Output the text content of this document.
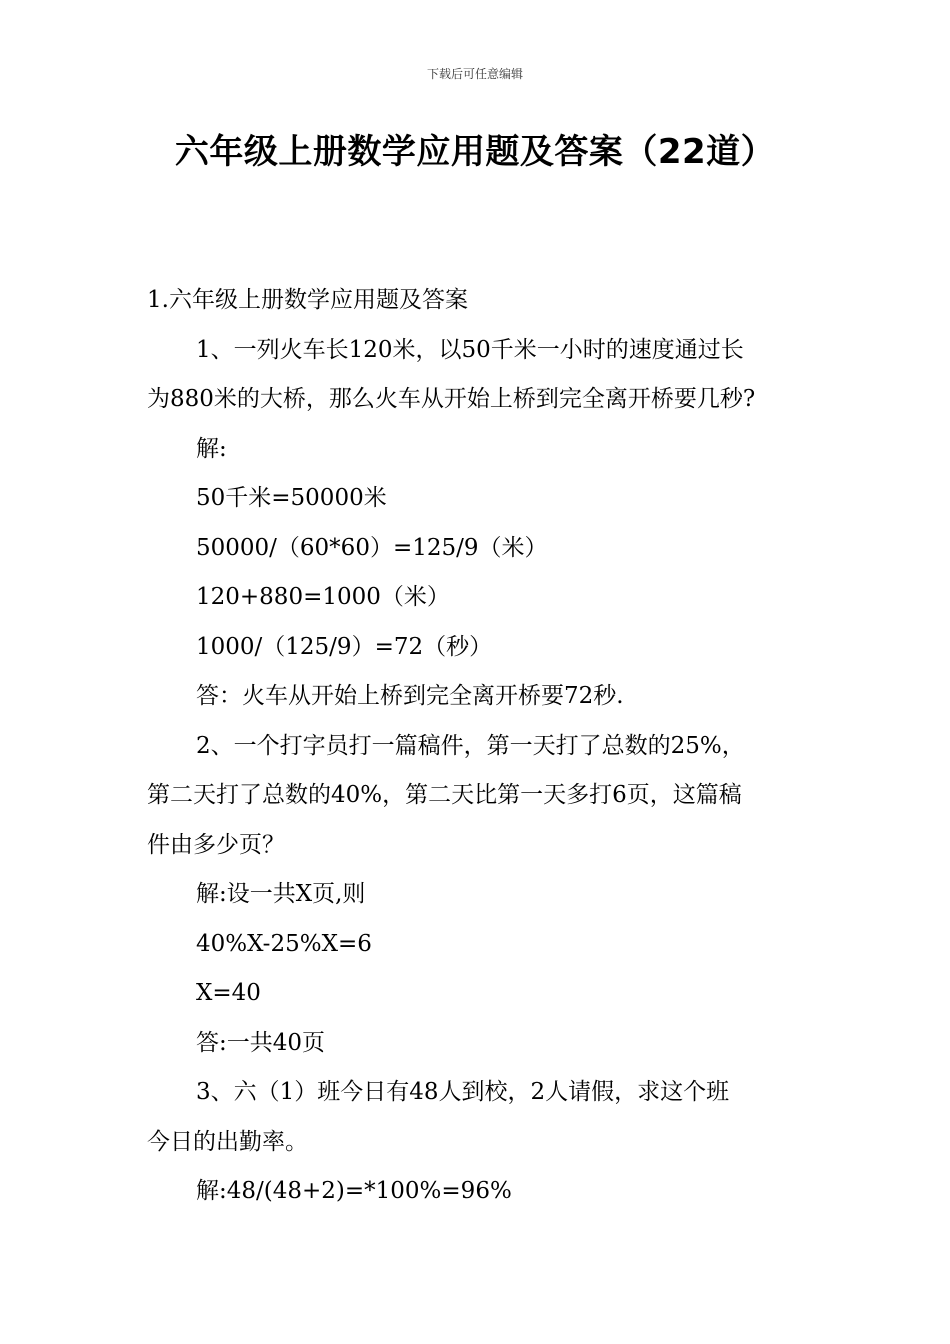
下载后可任意编辑
六年级上册数学应用题及答案（22道）
1.六年级上册数学应用题及答案
1、一列火车长120米，以50千米一小时的速度通过长
为880米的大桥，那么火车从开始上桥到完全离开桥要几秒?
解:
50千米=50000米
50000/（60*60）=125/9（米）
120+880=1000（米）
1000/（125/9）=72（秒）
答：火车从开始上桥到完全离开桥要72秒.
2、一个打字员打一篇稿件，第一天打了总数的25%，
第二天打了总数的40%，第二天比第一天多打6页，这篇稿
件由多少页？
解:设一共X页,则
40%X-25%X=6
X=40
答:一共40页
3、六（1）班今日有48人到校，2人请假，求这个班
今日的出勤率。
解:48/(48+2)=*100%=96%
